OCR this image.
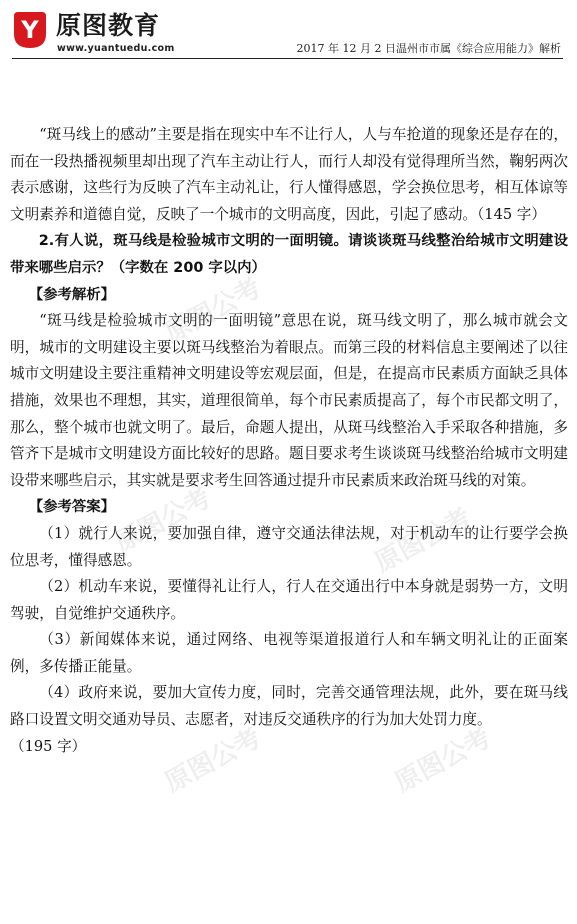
Y 原图教育
www.yuantuedu.com	2017 年 12 月 2 日温州市市属《综合应用能力》解析
原图公考
原图公考	原图公考
原图公考	原图公考

“斑马线上的感动”主要是指在现实中车不让行人，人与车抢道的现象还是存在的，而在一段热播视频里却出现了汽车主动让行人，而行人却没有觉得理所当然，鞠躬两次表示感谢，这些行为反映了汽车主动礼让，行人懂得感恩，学会换位思考，相互体谅等文明素养和道德自觉，反映了一个城市的文明高度，因此，引起了感动。（145 字）

2.有人说，斑马线是检验城市文明的一面明镜。请谈谈斑马线整治给城市文明建设带来哪些启示？（字数在 200 字以内）

【参考解析】

“斑马线是检验城市文明的一面明镜”意思在说，斑马线文明了，那么城市就会文明，城市的文明建设主要以斑马线整治为着眼点。而第三段的材料信息主要阐述了以往城市文明建设主要注重精神文明建设等宏观层面，但是，在提高市民素质方面缺乏具体措施，效果也不理想，其实，道理很简单，每个市民素质提高了，每个市民都文明了，那么，整个城市也就文明了。最后，命题人提出，从斑马线整治入手采取各种措施，多管齐下是城市文明建设方面比较好的思路。题目要求考生谈谈斑马线整治给城市文明建设带来哪些启示，其实就是要求考生回答通过提升市民素质来政治斑马线的对策。

【参考答案】

（1）就行人来说，要加强自律，遵守交通法律法规，对于机动车的让行要学会换位思考，懂得感恩。

（2）机动车来说，要懂得礼让行人，行人在交通出行中本身就是弱势一方，文明驾驶，自觉维护交通秩序。

（3）新闻媒体来说，通过网络、电视等渠道报道行人和车辆文明礼让的正面案例，多传播正能量。

（4）政府来说，要加大宣传力度，同时，完善交通管理法规，此外，要在斑马线路口设置文明交通劝导员、志愿者，对违反交通秩序的行为加大处罚力度。

（195 字）
